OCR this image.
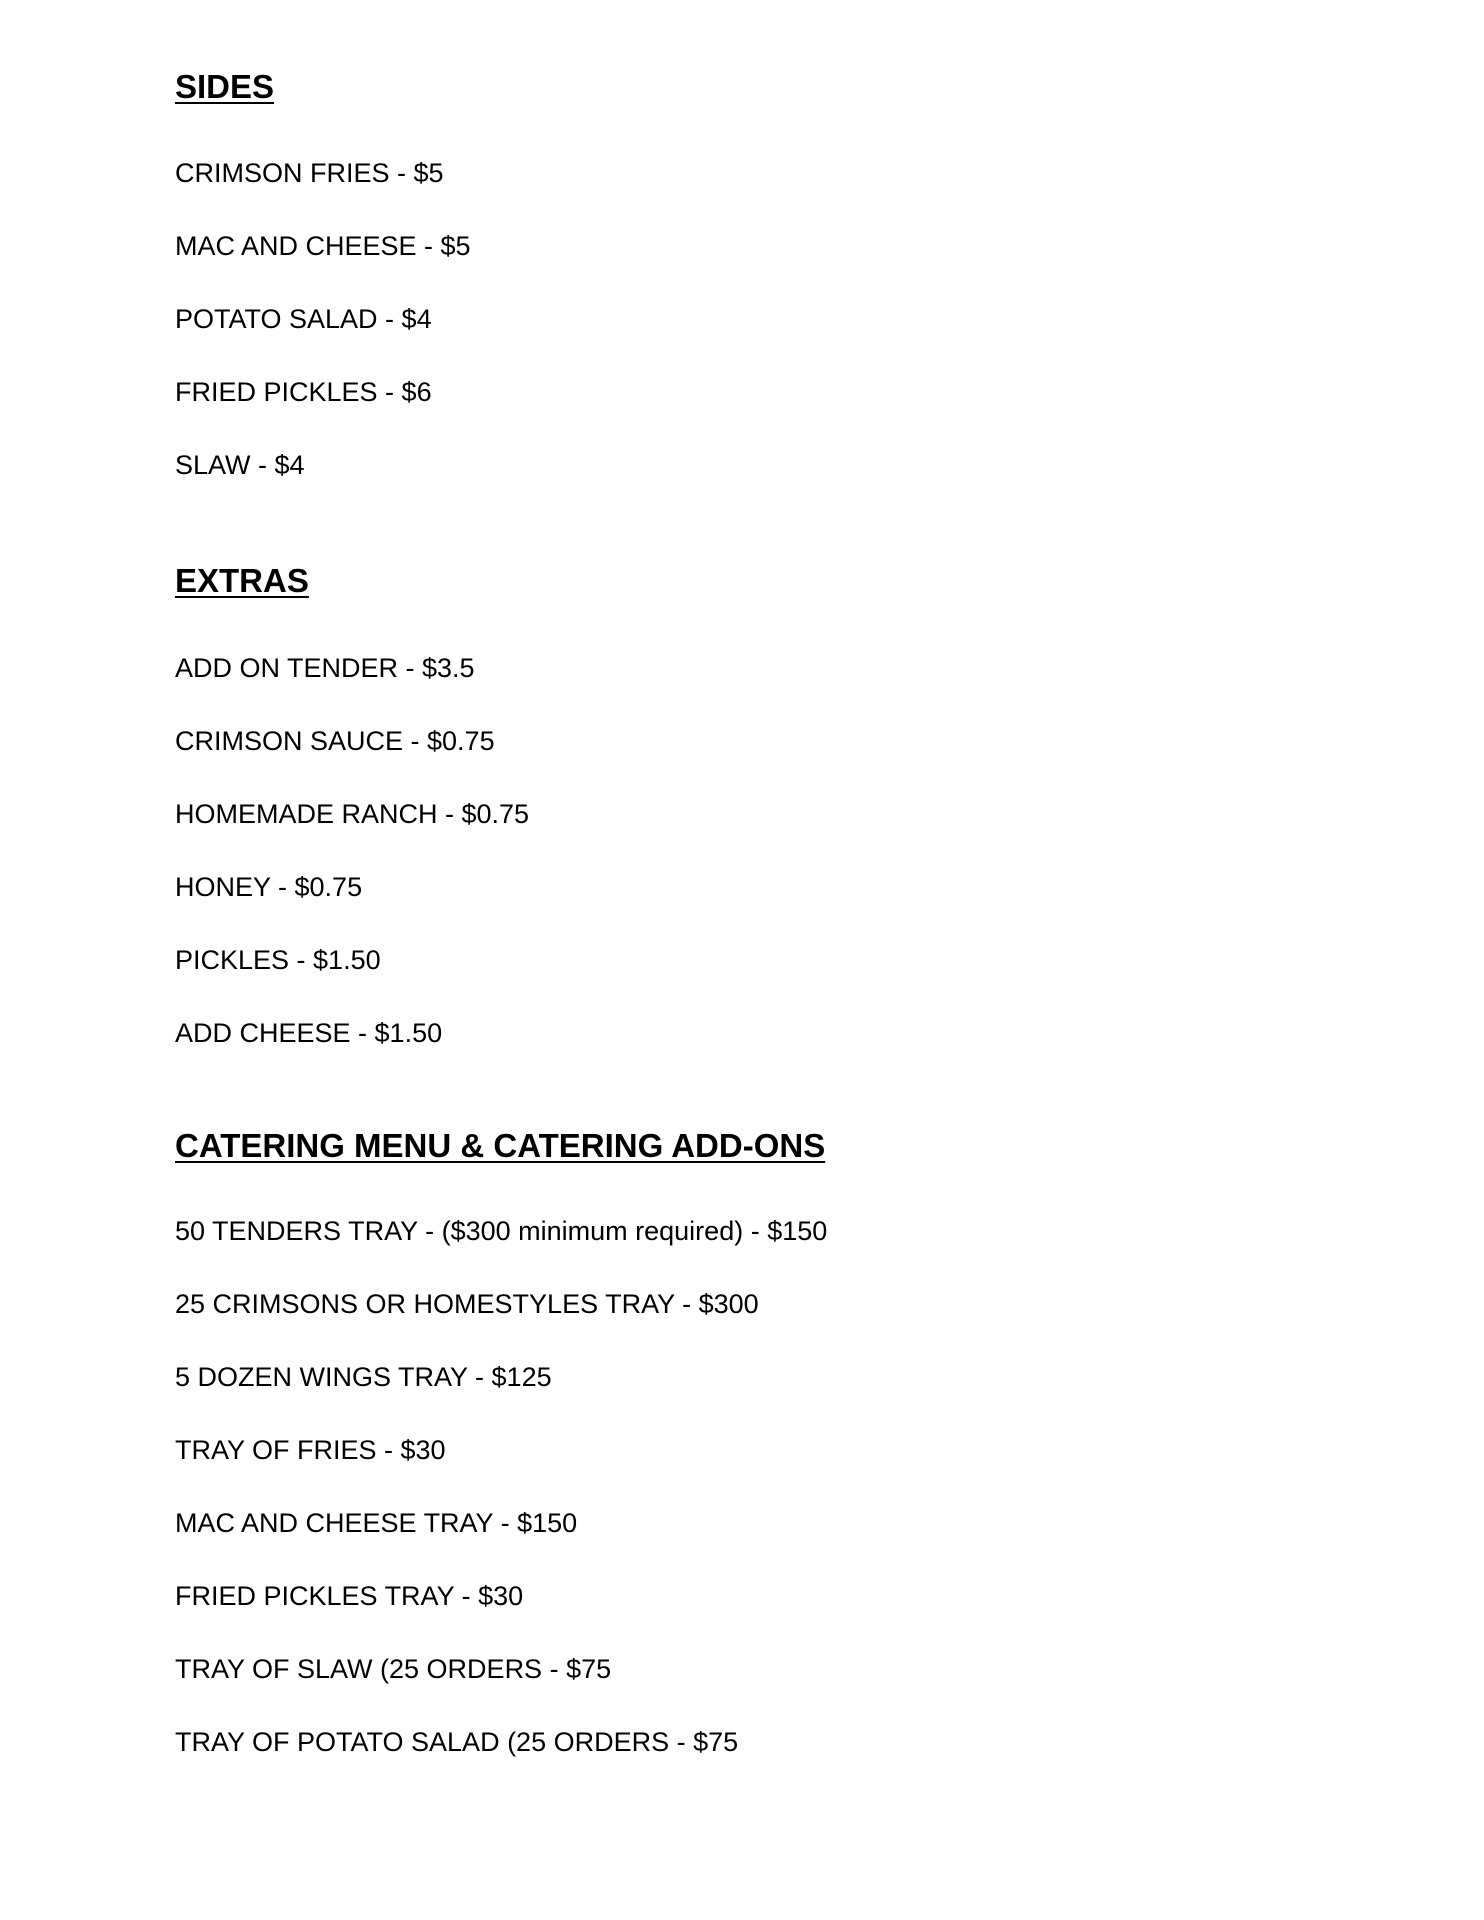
SIDES

CRIMSON FRIES - $5

MAC AND CHEESE - $5

POTATO SALAD - $4

FRIED PICKLES - $6

SLAW - $4

EXTRAS

ADD ON TENDER - $3.5

CRIMSON SAUCE - $0.75

HOMEMADE RANCH - $0.75

HONEY - $0.75

PICKLES - $1.50

ADD CHEESE - $1.50

CATERING MENU & CATERING ADD-ONS

50 TENDERS TRAY - ($300 minimum required) - $150

25 CRIMSONS OR HOMESTYLES TRAY - $300

5 DOZEN WINGS TRAY - $125

TRAY OF FRIES - $30

MAC AND CHEESE TRAY - $150

FRIED PICKLES TRAY - $30

TRAY OF SLAW (25 ORDERS - $75

TRAY OF POTATO SALAD (25 ORDERS - $75
